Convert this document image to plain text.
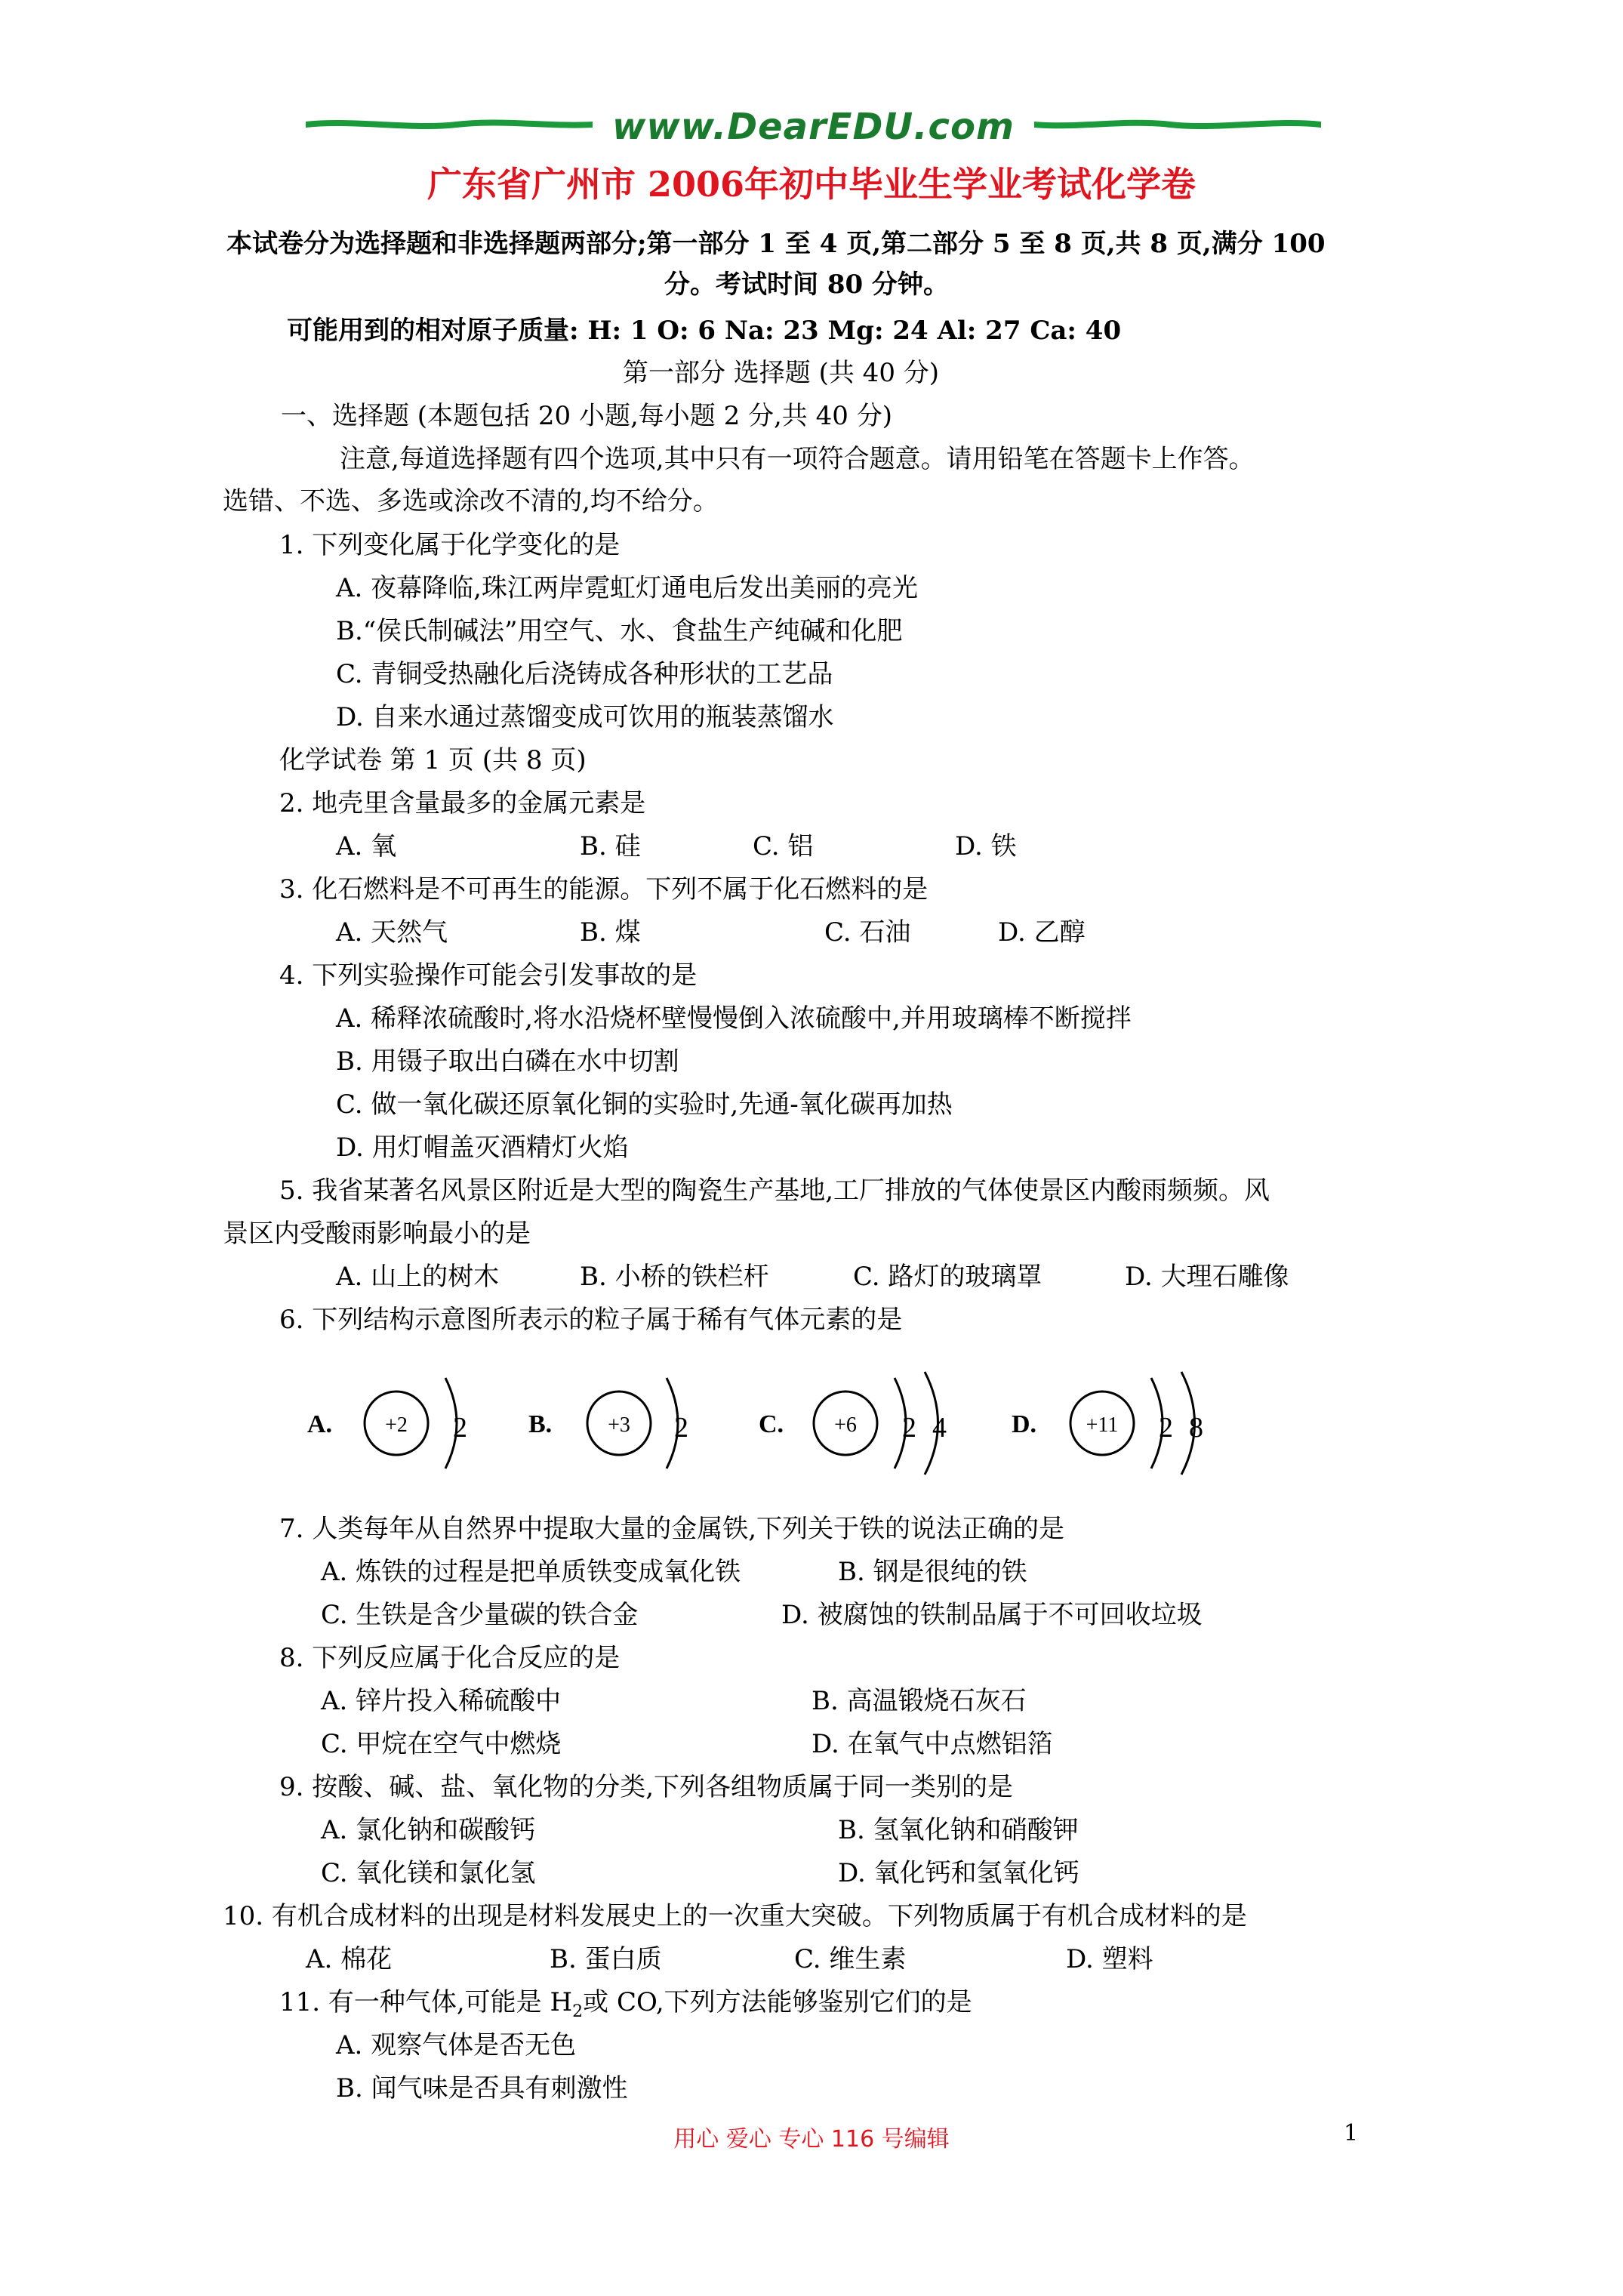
www.DearEDU.com
广东省广州市 2006年初中毕业生学业考试化学卷
本试卷分为选择题和非选择题两部分;第一部分 1 至 4 页,第二部分 5 至 8 页,共 8 页,满分 100
分。考试时间 80 分钟。
可能用到的相对原子质量: H: 1 O: 6 Na: 23 Mg: 24 Al: 27 Ca: 40
第一部分 选择题 (共 40 分)
一、选择题 (本题包括 20 小题,每小题 2 分,共 40 分)
注意,每道选择题有四个选项,其中只有一项符合题意。请用铅笔在答题卡上作答。
选错、不选、多选或涂改不清的,均不给分。
1. 下列变化属于化学变化的是
A. 夜幕降临,珠江两岸霓虹灯通电后发出美丽的亮光
B.“侯氏制碱法”用空气、水、食盐生产纯碱和化肥
C. 青铜受热融化后浇铸成各种形状的工艺品
D. 自来水通过蒸馏变成可饮用的瓶装蒸馏水
化学试卷 第 1 页 (共 8 页)
2. 地壳里含量最多的金属元素是
A. 氧	B. 硅	C. 铝	D. 铁
3. 化石燃料是不可再生的能源。下列不属于化石燃料的是
A. 天然气	B. 煤	C. 石油	D. 乙醇
4. 下列实验操作可能会引发事故的是
A. 稀释浓硫酸时,将水沿烧杯壁慢慢倒入浓硫酸中,并用玻璃棒不断搅拌
B. 用镊子取出白磷在水中切割
C. 做一氧化碳还原氧化铜的实验时,先通-氧化碳再加热
D. 用灯帽盖灭酒精灯火焰
5. 我省某著名风景区附近是大型的陶瓷生产基地,工厂排放的气体使景区内酸雨频频。风
景区内受酸雨影响最小的是
A. 山上的树木	B. 小桥的铁栏杆	C. 路灯的玻璃罩	D. 大理石雕像
6. 下列结构示意图所表示的粒子属于稀有气体元素的是
A.	+2 2 B.	+3 2	C. +6 2 4	D. +11 2 8
7. 人类每年从自然界中提取大量的金属铁,下列关于铁的说法正确的是
A. 炼铁的过程是把单质铁变成氧化铁	B. 钢是很纯的铁
C. 生铁是含少量碳的铁合金	D. 被腐蚀的铁制品属于不可回收垃圾
8. 下列反应属于化合反应的是
A. 锌片投入稀硫酸中	B. 高温锻烧石灰石
C. 甲烷在空气中燃烧	D. 在氧气中点燃铝箔
9. 按酸、碱、盐、氧化物的分类,下列各组物质属于同一类别的是
A. 氯化钠和碳酸钙	B. 氢氧化钠和硝酸钾
C. 氧化镁和氯化氢	D. 氧化钙和氢氧化钙
10. 有机合成材料的出现是材料发展史上的一次重大突破。下列物质属于有机合成材料的是
A. 棉花	B. 蛋白质	C. 维生素	D. 塑料
11. 有一种气体,可能是 $H_2$或 CO,下列方法能够鉴别它们的是
A. 观察气体是否无色
B. 闻气味是否具有刺激性
用心 爱心 专心 116 号编辑	1
